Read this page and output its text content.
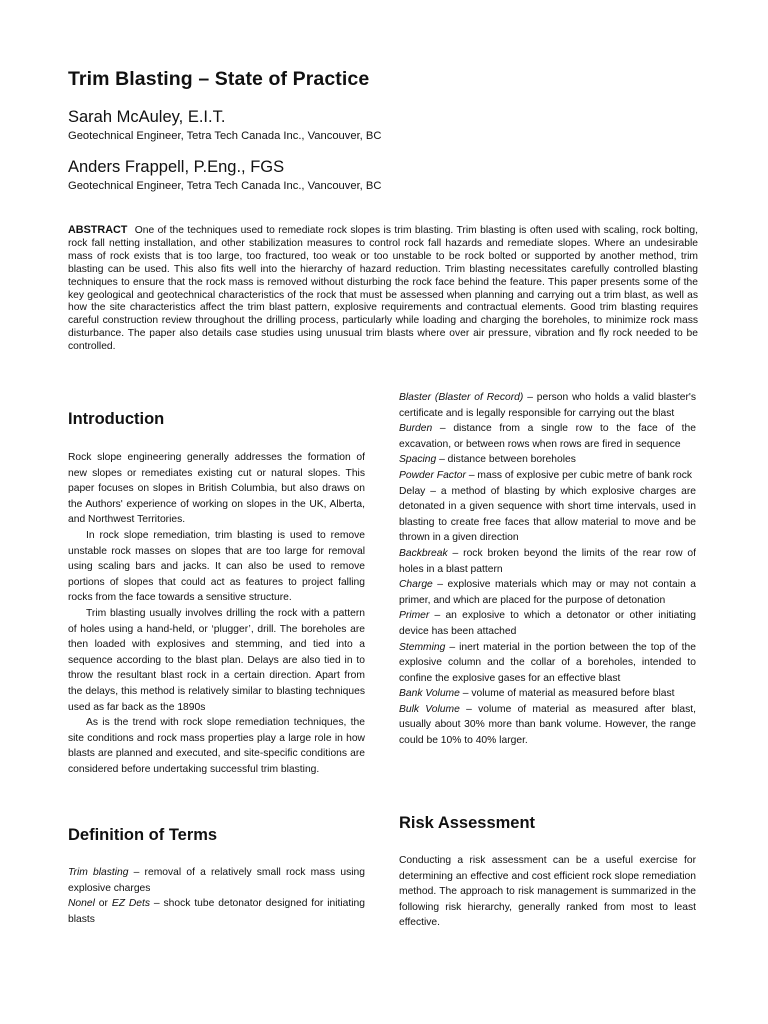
Trim Blasting – State of Practice
Sarah McAuley, E.I.T.

Geotechnical Engineer, Tetra Tech Canada Inc., Vancouver, BC

Anders Frappell, P.Eng., FGS

Geotechnical Engineer, Tetra Tech Canada Inc., Vancouver, BC

ABSTRACT One of the techniques used to remediate rock slopes is trim blasting. Trim blasting is often used with scaling, rock bolting, rock fall netting installation, and other stabilization measures to control rock fall hazards and remediate slopes. Where an undesirable mass of rock exists that is too large, too fractured, too weak or too unstable to be rock bolted or supported by another method, trim blasting can be used. This also fits well into the hierarchy of hazard reduction. Trim blasting necessitates carefully controlled blasting techniques to ensure that the rock mass is removed without disturbing the rock face behind the feature. This paper presents some of the key geological and geotechnical characteristics of the rock that must be assessed when planning and carrying out a trim blast, as well as how the site characteristics affect the trim blast pattern, explosive requirements and contractual elements. Good trim blasting requires careful construction review throughout the drilling process, particularly while loading and charging the boreholes, to minimize rock mass disturbance. The paper also details case studies using unusual trim blasts where over air pressure, vibration and fly rock needed to be controlled.

Introduction

Rock slope engineering generally addresses the formation of new slopes or remediates existing cut or natural slopes. This paper focuses on slopes in British Columbia, but also draws on the Authors' experience of working on slopes in the UK, Alberta, and Northwest Territories.

In rock slope remediation, trim blasting is used to remove unstable rock masses on slopes that are too large for removal using scaling bars and jacks. It can also be used to remove portions of slopes that could act as features to project falling rocks from the face towards a sensitive structure.

Trim blasting usually involves drilling the rock with a pattern of holes using a hand-held, or ‘plugger’, drill. The boreholes are then loaded with explosives and stemming, and tied into a sequence according to the blast plan. Delays are also tied in to throw the resultant blast rock in a certain direction. Apart from the delays, this method is relatively similar to blasting techniques used as far back as the 1890s

As is the trend with rock slope remediation techniques, the site conditions and rock mass properties play a large role in how blasts are planned and executed, and site-specific conditions are considered before undertaking successful trim blasting.

Definition of Terms

Trim blasting – removal of a relatively small rock mass using explosive charges

Nonel or EZ Dets – shock tube detonator designed for initiating blasts

Blaster (Blaster of Record) – person who holds a valid blaster's certificate and is legally responsible for carrying out the blast

Burden – distance from a single row to the face of the excavation, or between rows when rows are fired in sequence

Spacing – distance between boreholes

Powder Factor – mass of explosive per cubic metre of bank rock

Delay – a method of blasting by which explosive charges are detonated in a given sequence with short time intervals, used in blasting to create free faces that allow material to move and be thrown in a given direction

Backbreak – rock broken beyond the limits of the rear row of holes in a blast pattern

Charge – explosive materials which may or may not contain a primer, and which are placed for the purpose of detonation

Primer – an explosive to which a detonator or other initiating device has been attached

Stemming – inert material in the portion between the top of the explosive column and the collar of a boreholes, intended to confine the explosive gases for an effective blast

Bank Volume – volume of material as measured before blast

Bulk Volume – volume of material as measured after blast, usually about 30% more than bank volume. However, the range could be 10% to 40% larger.

Risk Assessment

Conducting a risk assessment can be a useful exercise for determining an effective and cost efficient rock slope remediation method. The approach to risk management is summarized in the following risk hierarchy, generally ranked from most to least effective.
